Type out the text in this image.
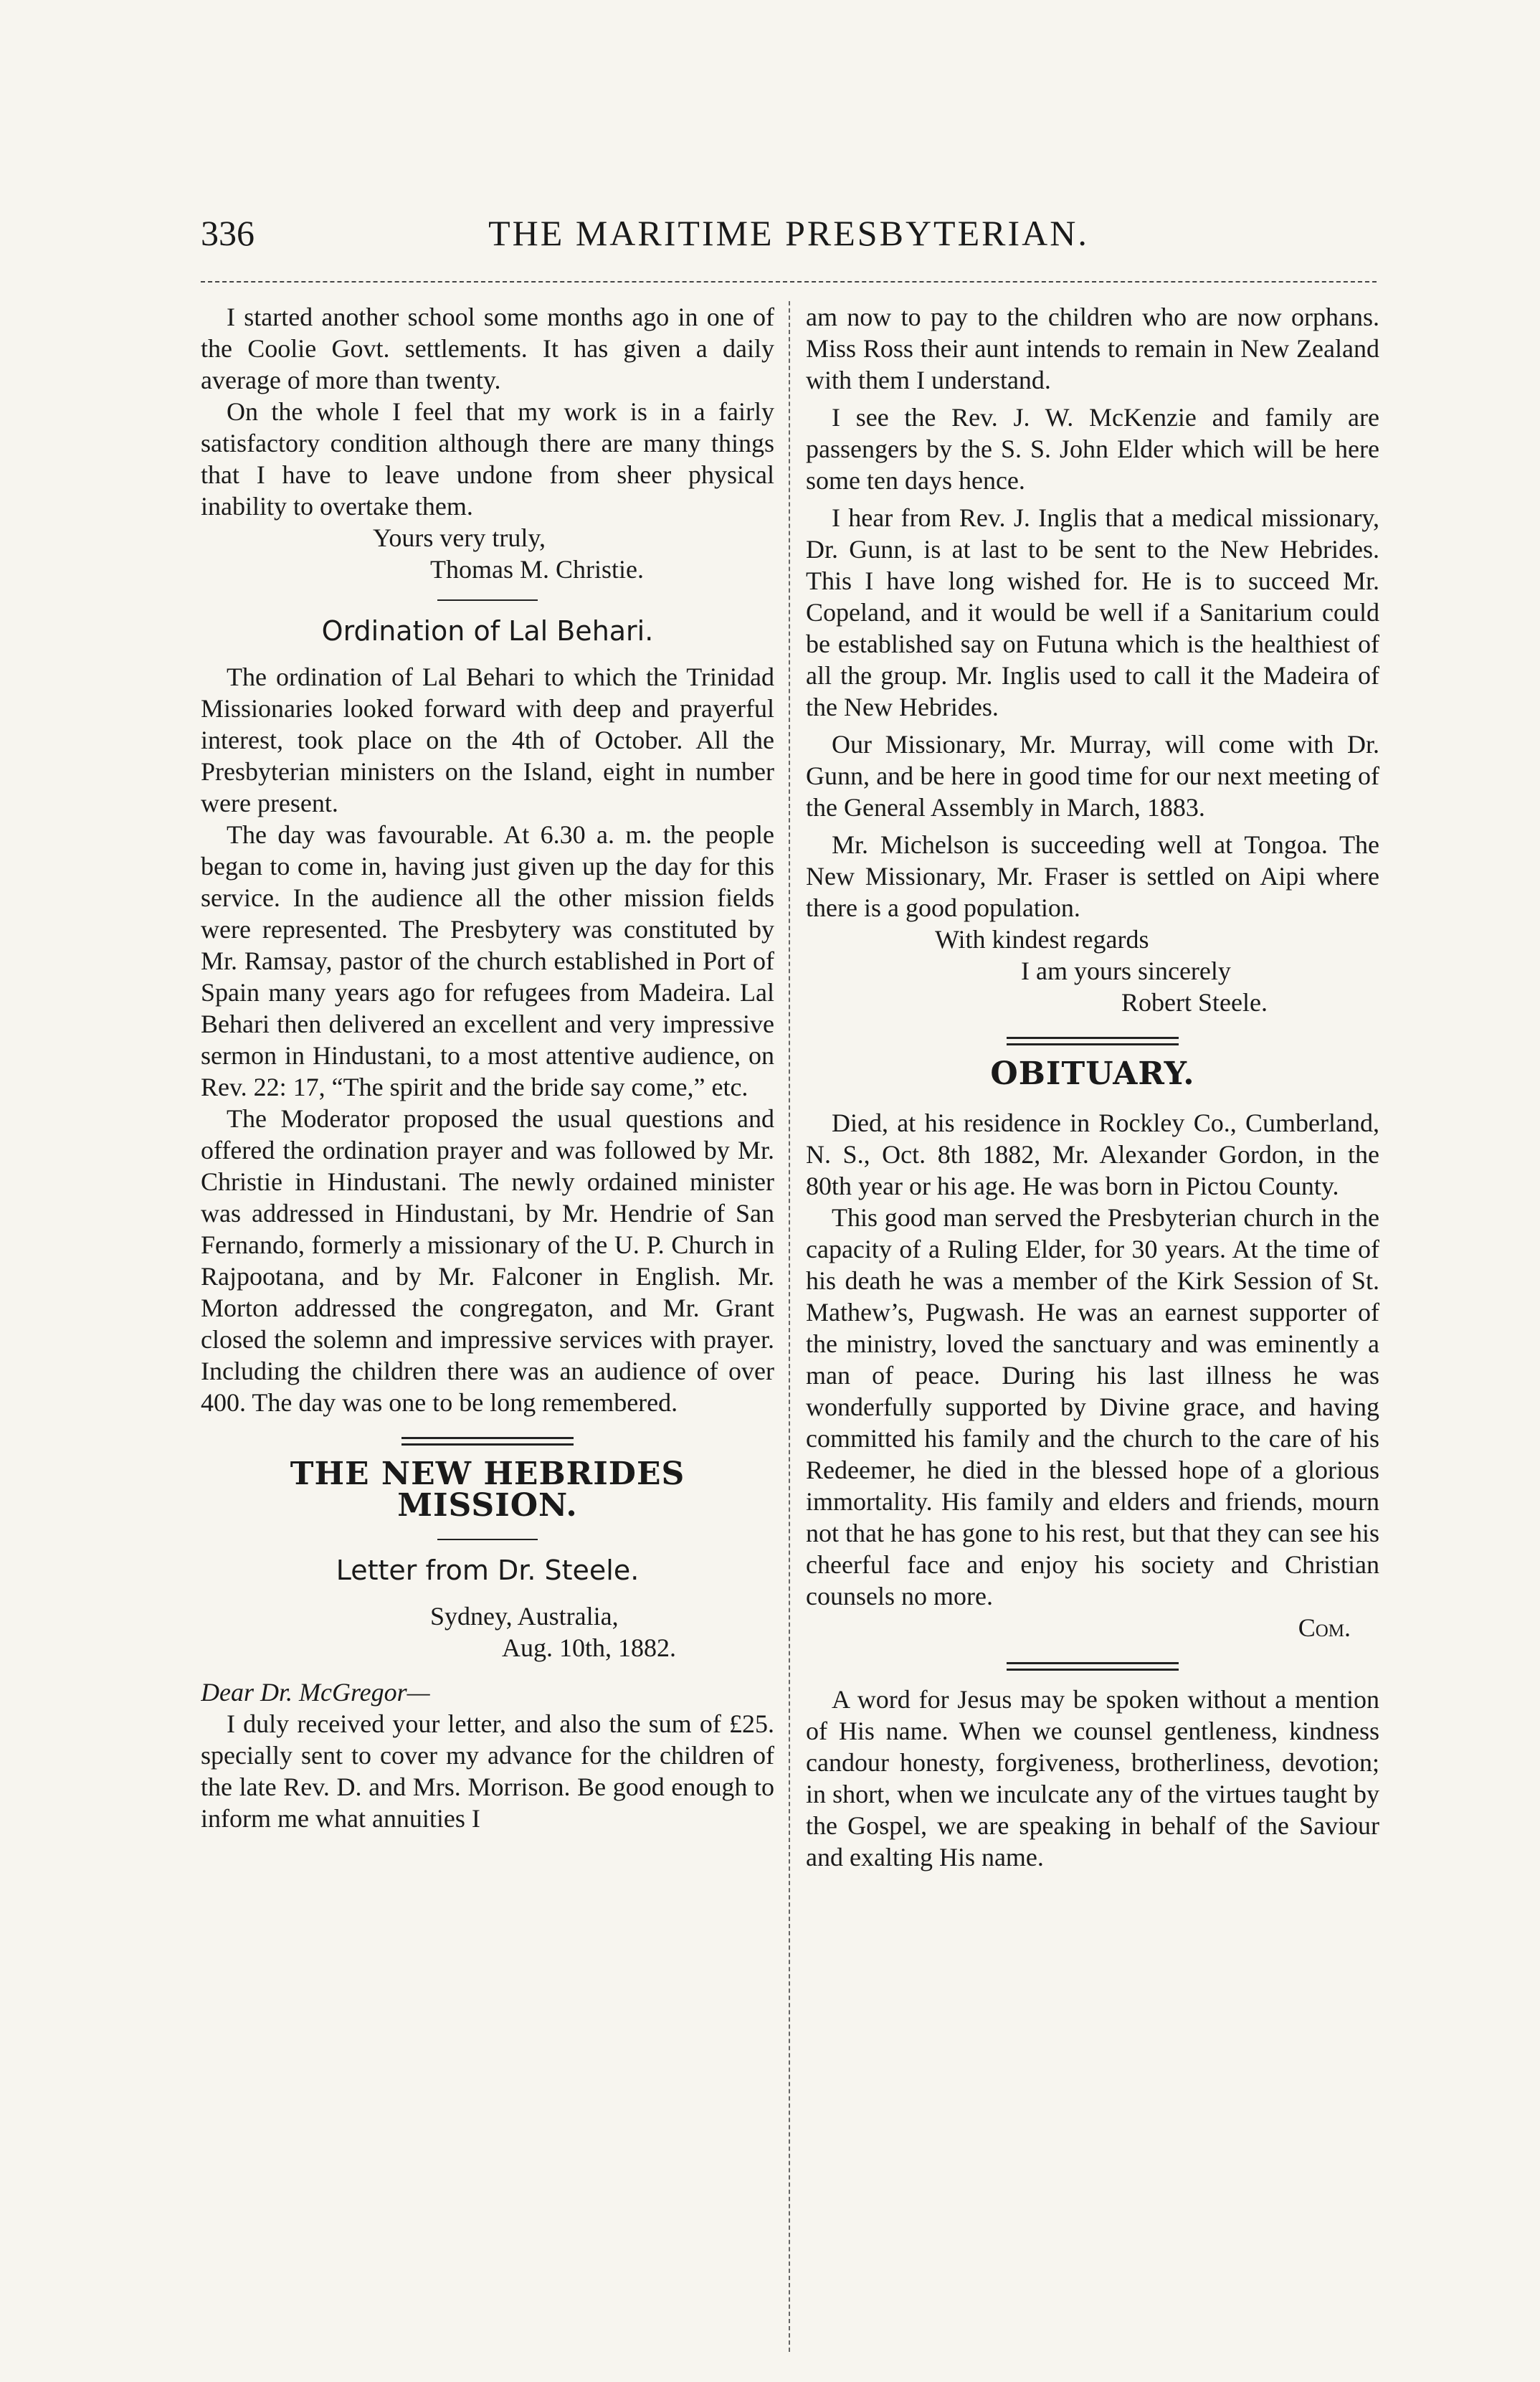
336	THE MARITIME PRESBYTERIAN.

I started another school some months ago in one of the Coolie Govt. settlements. It has given a daily average of more than twenty.

On the whole I feel that my work is in a fairly satisfactory condition although there are many things that I have to leave undone from sheer physical inability to overtake them.

Yours very truly,

Thomas M. Christie.

Ordination of Lal Behari.

The ordination of Lal Behari to which the Trinidad Missionaries looked forward with deep and prayerful interest, took place on the 4th of October. All the Presbyterian ministers on the Island, eight in number were present.

The day was favourable. At 6.30 a. m. the people began to come in, having just given up the day for this service. In the audience all the other mission fields were represented. The Presbytery was constituted by Mr. Ramsay, pastor of the church established in Port of Spain many years ago for refugees from Madeira. Lal Behari then delivered an excellent and very impressive sermon in Hindustani, to a most attentive audience, on Rev. 22: 17, “The spirit and the bride say come,” etc.

The Moderator proposed the usual questions and offered the ordination prayer and was followed by Mr. Christie in Hindustani. The newly ordained minister was addressed in Hindustani, by Mr. Hendrie of San Fernando, formerly a missionary of the U. P. Church in Rajpootana, and by Mr. Falconer in English. Mr. Morton addressed the congregaton, and Mr. Grant closed the solemn and impressive services with prayer. Including the children there was an audience of over 400. The day was one to be long remembered.

THE NEW HEBRIDES MISSION.
Letter from Dr. Steele.

Sydney, Australia,

Aug. 10th, 1882.

Dear Dr. McGregor—

I duly received your letter, and also the sum of £25. specially sent to cover my advance for the children of the late Rev. D. and Mrs. Morrison. Be good enough to inform me what annuities I

am now to pay to the children who are now orphans. Miss Ross their aunt intends to remain in New Zealand with them I understand.

I see the Rev. J. W. McKenzie and family are passengers by the S. S. John Elder which will be here some ten days hence.

I hear from Rev. J. Inglis that a medical missionary, Dr. Gunn, is at last to be sent to the New Hebrides. This I have long wished for. He is to succeed Mr. Copeland, and it would be well if a Sanitarium could be established say on Futuna which is the healthiest of all the group. Mr. Inglis used to call it the Madeira of the New Hebrides.

Our Missionary, Mr. Murray, will come with Dr. Gunn, and be here in good time for our next meeting of the General Assembly in March, 1883.

Mr. Michelson is succeeding well at Tongoa. The New Missionary, Mr. Fraser is settled on Aipi where there is a good population.

With kindest regards

I am yours sincerely

Robert Steele.

OBITUARY.

Died, at his residence in Rockley Co., Cumberland, N. S., Oct. 8th 1882, Mr. Alexander Gordon, in the 80th year or his age. He was born in Pictou County.

This good man served the Presbyterian church in the capacity of a Ruling Elder, for 30 years. At the time of his death he was a member of the Kirk Session of St. Mathew’s, Pugwash. He was an earnest supporter of the ministry, loved the sanctuary and was eminently a man of peace. During his last illness he was wonderfully supported by Divine grace, and having committed his family and the church to the care of his Redeemer, he died in the blessed hope of a glorious immortality. His family and elders and friends, mourn not that he has gone to his rest, but that they can see his cheerful face and enjoy his society and Christian counsels no more.

Com.

A word for Jesus may be spoken without a mention of His name. When we counsel gentleness, kindness candour honesty, forgiveness, brotherliness, devotion; in short, when we inculcate any of the virtues taught by the Gospel, we are speaking in behalf of the Saviour and exalting His name.
